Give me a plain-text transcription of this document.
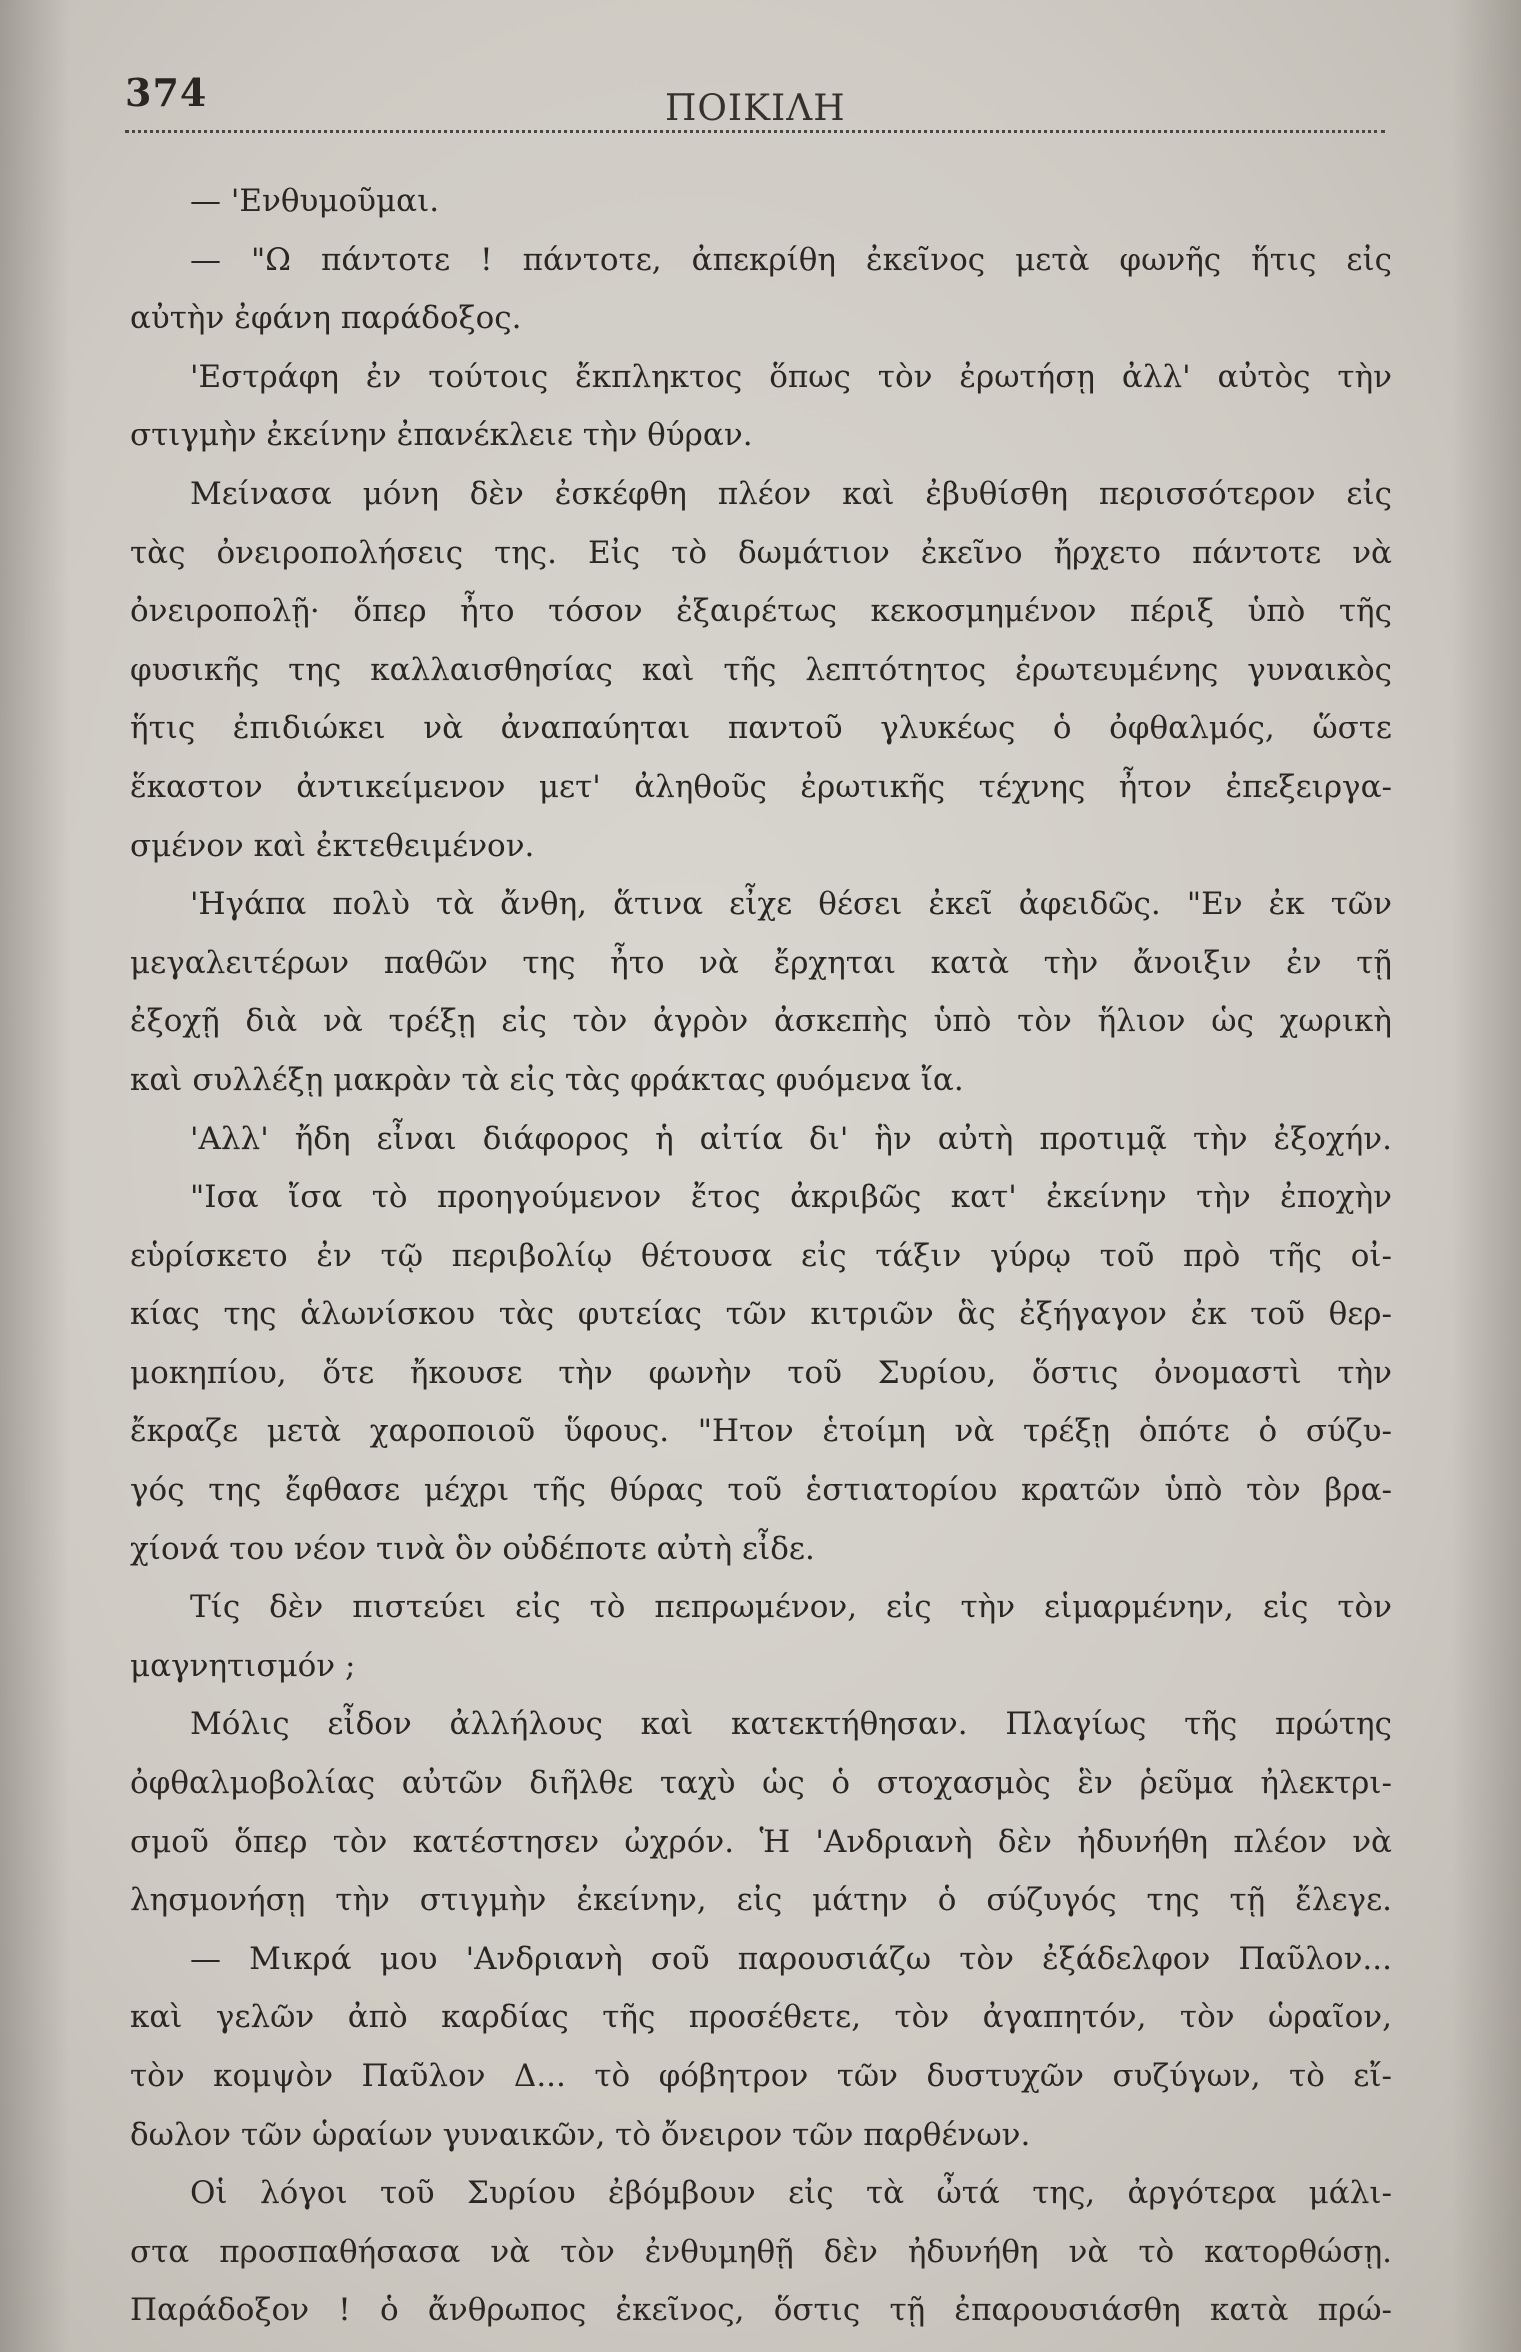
374	ΠΟΙΚΙΛΗ
— 'Ενθυμοῦμαι.
— "Ω πάντοτε ! πάντοτε, ἀπεκρίθη ἐκεῖνος μετὰ φωνῆς ἥτις εἰς
αὐτὴν ἐφάνη παράδοξος.
'Εστράφη ἐν τούτοις ἔκπληκτος ὅπως τὸν ἐρωτήσῃ ἀλλ' αὐτὸς τὴν
στιγμὴν ἐκείνην ἐπανέκλειε τὴν θύραν.
Μείνασα μόνη δὲν ἐσκέφθη πλέον καὶ ἐβυθίσθη περισσότερον εἰς
τὰς ὀνειροπολήσεις της. Εἰς τὸ δωμάτιον ἐκεῖνο ἤρχετο πάντοτε νὰ
ὀνειροπολῇ· ὅπερ ἦτο τόσον ἐξαιρέτως κεκοσμημένον πέριξ ὑπὸ τῆς
φυσικῆς της καλλαισθησίας καὶ τῆς λεπτότητος ἐρωτευμένης γυναικὸς
ἥτις ἐπιδιώκει νὰ ἀναπαύηται παντοῦ γλυκέως ὁ ὀφθαλμός, ὥστε
ἕκαστον ἀντικείμενον μετ' ἀληθοῦς ἐρωτικῆς τέχνης ἦτον ἐπεξειργα-
σμένον καὶ ἐκτεθειμένον.
'Ηγάπα πολὺ τὰ ἄνθη, ἅτινα εἶχε θέσει ἐκεῖ ἀφειδῶς. "Εν ἐκ τῶν
μεγαλειτέρων παθῶν της ἦτο νὰ ἔρχηται κατὰ τὴν ἄνοιξιν ἐν τῇ
ἐξοχῇ διὰ νὰ τρέξῃ εἰς τὸν ἀγρὸν ἀσκεπὴς ὑπὸ τὸν ἥλιον ὡς χωρικὴ
καὶ συλλέξῃ μακρὰν τὰ εἰς τὰς φράκτας φυόμενα ἴα.
'Αλλ' ἤδη εἶναι διάφορος ἡ αἰτία δι' ἣν αὐτὴ προτιμᾷ τὴν ἐξοχήν.
"Ισα ἴσα τὸ προηγούμενον ἔτος ἀκριβῶς κατ' ἐκείνην τὴν ἐποχὴν
εὑρίσκετο ἐν τῷ περιβολίῳ θέτουσα εἰς τάξιν γύρῳ τοῦ πρὸ τῆς οἰ-
κίας της ἁλωνίσκου τὰς φυτείας τῶν κιτριῶν ἃς ἐξήγαγον ἐκ τοῦ θερ-
μοκηπίου, ὅτε ἤκουσε τὴν φωνὴν τοῦ Συρίου, ὅστις ὀνομαστὶ τὴν
ἔκραζε μετὰ χαροποιοῦ ὕφους. "Ητον ἑτοίμη νὰ τρέξῃ ὁπότε ὁ σύζυ-
γός της ἔφθασε μέχρι τῆς θύρας τοῦ ἑστιατορίου κρατῶν ὑπὸ τὸν βρα-
χίονά του νέον τινὰ ὃν οὐδέποτε αὐτὴ εἶδε.
Τίς δὲν πιστεύει εἰς τὸ πεπρωμένον, εἰς τὴν εἱμαρμένην, εἰς τὸν
μαγνητισμόν ;
Μόλις εἶδον ἀλλήλους καὶ κατεκτήθησαν. Πλαγίως τῆς πρώτης
ὀφθαλμοβολίας αὐτῶν διῆλθε ταχὺ ὡς ὁ στοχασμὸς ἓν ῥεῦμα ἠλεκτρι-
σμοῦ ὅπερ τὸν κατέστησεν ὠχρόν. Ἡ 'Ανδριανὴ δὲν ἠδυνήθη πλέον νὰ
λησμονήσῃ τὴν στιγμὴν ἐκείνην, εἰς μάτην ὁ σύζυγός της τῇ ἔλεγε.
— Μικρά μου 'Ανδριανὴ σοῦ παρουσιάζω τὸν ἐξάδελφον Παῦλον...
καὶ γελῶν ἀπὸ καρδίας τῆς προσέθετε, τὸν ἀγαπητόν, τὸν ὡραῖον,
τὸν κομψὸν Παῦλον Δ... τὸ φόβητρον τῶν δυστυχῶν συζύγων, τὸ εἴ-
δωλον τῶν ὡραίων γυναικῶν, τὸ ὄνειρον τῶν παρθένων.
Οἱ λόγοι τοῦ Συρίου ἐβόμβουν εἰς τὰ ὦτά της, ἀργότερα μάλι-
στα προσπαθήσασα νὰ τὸν ἐνθυμηθῇ δὲν ἠδυνήθη νὰ τὸ κατορθώσῃ.
Παράδοξον ! ὁ ἄνθρωπος ἐκεῖνος, ὅστις τῇ ἐπαρουσιάσθη κατὰ πρώ-
